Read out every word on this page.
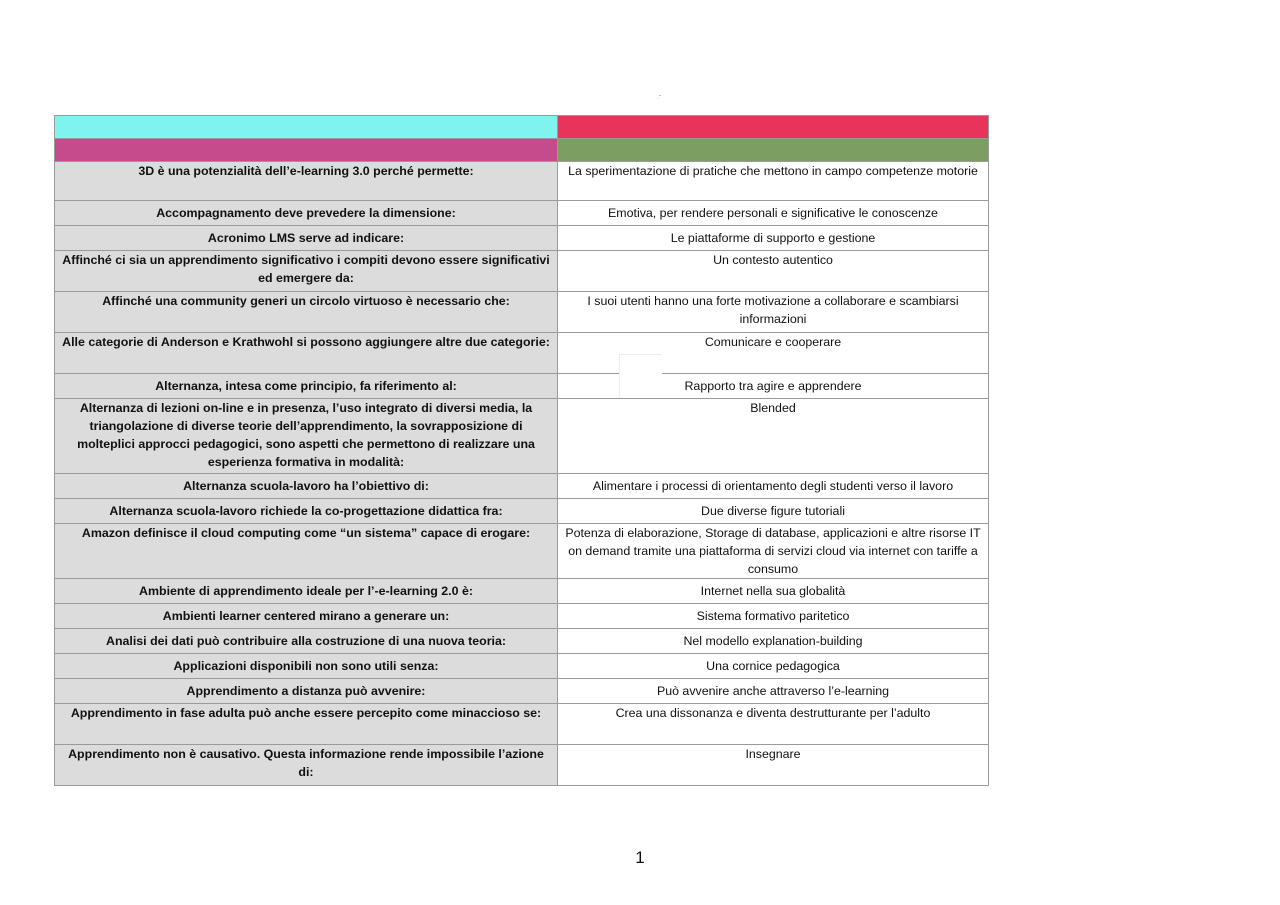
·˜

3D è una potenzialità dell’e-learning 3.0 perché permette:	La sperimentazione di pratiche che mettono in campo competenze motorie
Accompagnamento deve prevedere la dimensione:	Emotiva, per rendere personali e significative le conoscenze
Acronimo LMS serve ad indicare:	Le piattaforme di supporto e gestione
Affinché ci sia un apprendimento significativo i compiti devono essere significativi ed emergere da:	Un contesto autentico
Affinché una community generi un circolo virtuoso è necessario che:	I suoi utenti hanno una forte motivazione a collaborare e scambiarsi informazioni
Alle categorie di Anderson e Krathwohl si possono aggiungere altre due categorie:	Comunicare e cooperare
Alternanza, intesa come principio, fa riferimento al:	Rapporto tra agire e apprendere
Alternanza di lezioni on-line e in presenza, l’uso integrato di diversi media, la triangolazione di diverse teorie dell’apprendimento, la sovrapposizione di molteplici approcci pedagogici, sono aspetti che permettono di realizzare una esperienza formativa in modalità:	Blended
Alternanza scuola-lavoro ha l’obiettivo di:	Alimentare i processi di orientamento degli studenti verso il lavoro
Alternanza scuola-lavoro richiede la co-progettazione didattica fra:	Due diverse figure tutoriali
Amazon definisce il cloud computing come “un sistema” capace di erogare:	Potenza di elaborazione, Storage di database, applicazioni e altre risorse IT on demand tramite una piattaforma di servizi cloud via internet con tariffe a consumo
Ambiente di apprendimento ideale per l’-e-learning 2.0 è:	Internet nella sua globalità
Ambienti learner centered mirano a generare un:	Sistema formativo paritetico
Analisi dei dati può contribuire alla costruzione di una nuova teoria:	Nel modello explanation-building
Applicazioni disponibili non sono utili senza:	Una cornice pedagogica
Apprendimento a distanza può avvenire:	Può avvenire anche attraverso l’e-learning
Apprendimento in fase adulta può anche essere percepito come minaccioso se:	Crea una dissonanza e diventa destrutturante per l’adulto
Apprendimento non è causativo. Questa informazione rende impossibile l’azione di:	Insegnare
1
